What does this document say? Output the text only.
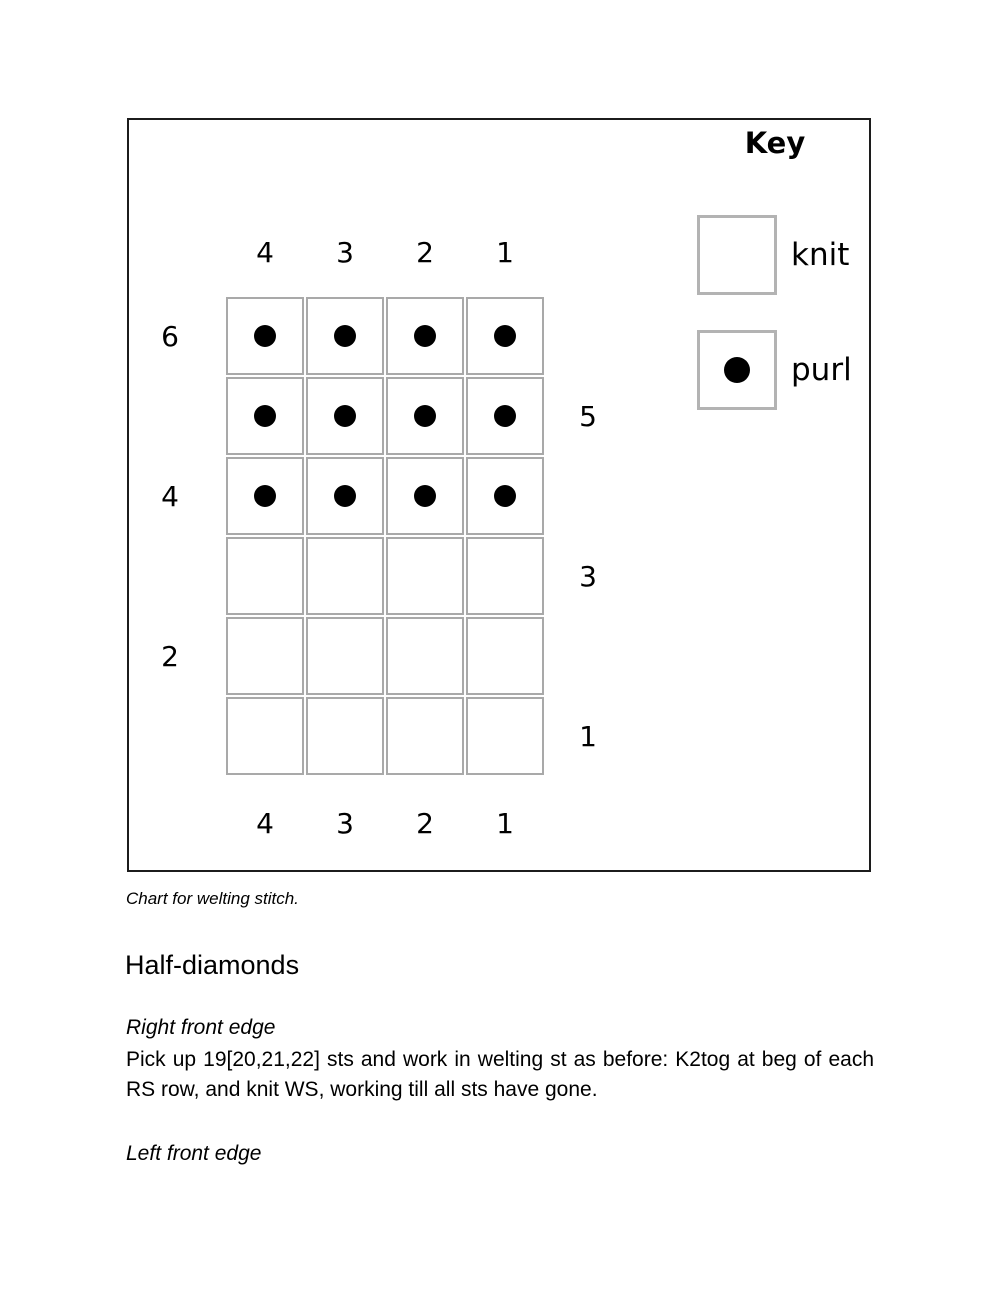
Key
4	3	2	1
4	3	2	1
6
4
2
5
3
1
knit
purl
Chart for welting stitch.
Half-diamonds
Right front edge

Pick up 19[20,21,22] sts and work in welting st as before: K2tog at beg of each RS row, and knit WS, working till all sts have gone.

Left front edge
